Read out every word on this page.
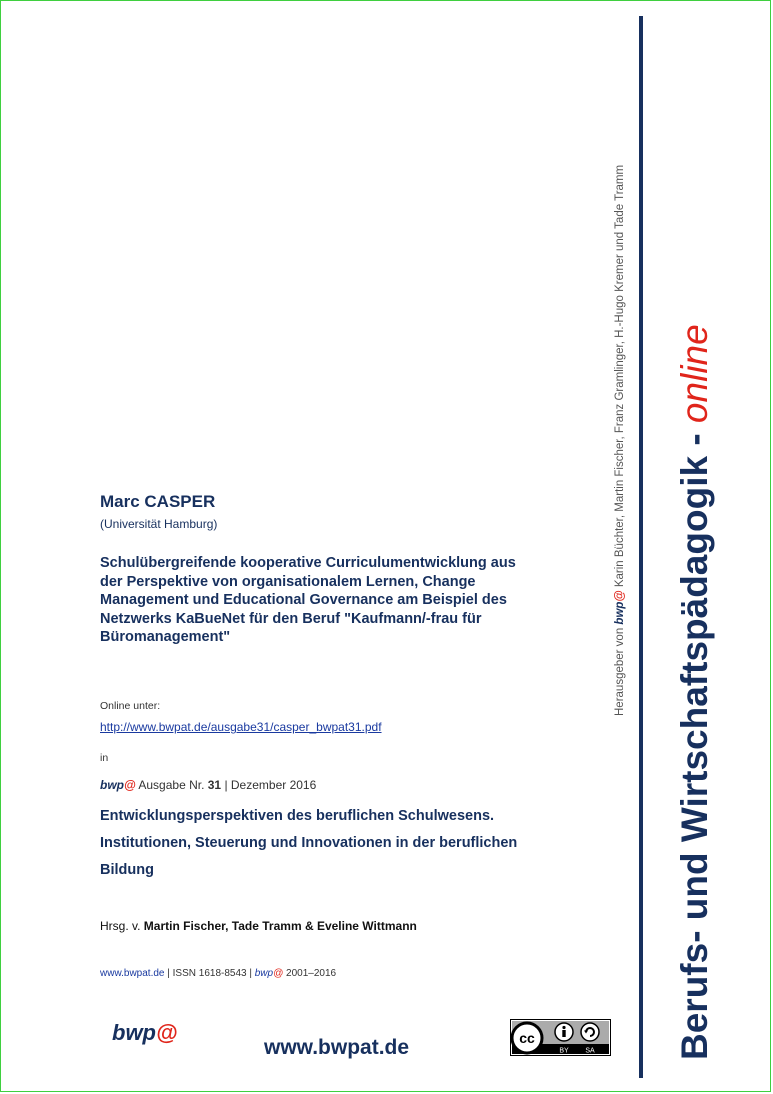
Marc CASPER
(Universität Hamburg)
Schulübergreifende kooperative Curriculumentwicklung aus
der Perspektive von organisationalem Lernen, Change
Management und Educational Governance am Beispiel des
Netzwerks KaBueNet für den Beruf "Kaufmann/-frau für
Büromanagement"
Online unter:
http://www.bwpat.de/ausgabe31/casper_bwpat31.pdf
in
bwp@ Ausgabe Nr. 31 | Dezember 2016
Entwicklungsperspektiven des beruflichen Schulwesens.
Institutionen, Steuerung und Innovationen in der beruflichen
Bildung
Hrsg. v. Martin Fischer, Tade Tramm & Eveline Wittmann
www.bwpat.de | ISSN 1618-8543 | bwp@ 2001–2016
bwp@
www.bwpat.de	cc
BY SA Berufs- und Wirtschaftspädagogik - online
Herausgeber von bwp@ Karin Büchter, Martin Fischer, Franz Gramlinger, H.-Hugo Kremer und Tade Tramm
